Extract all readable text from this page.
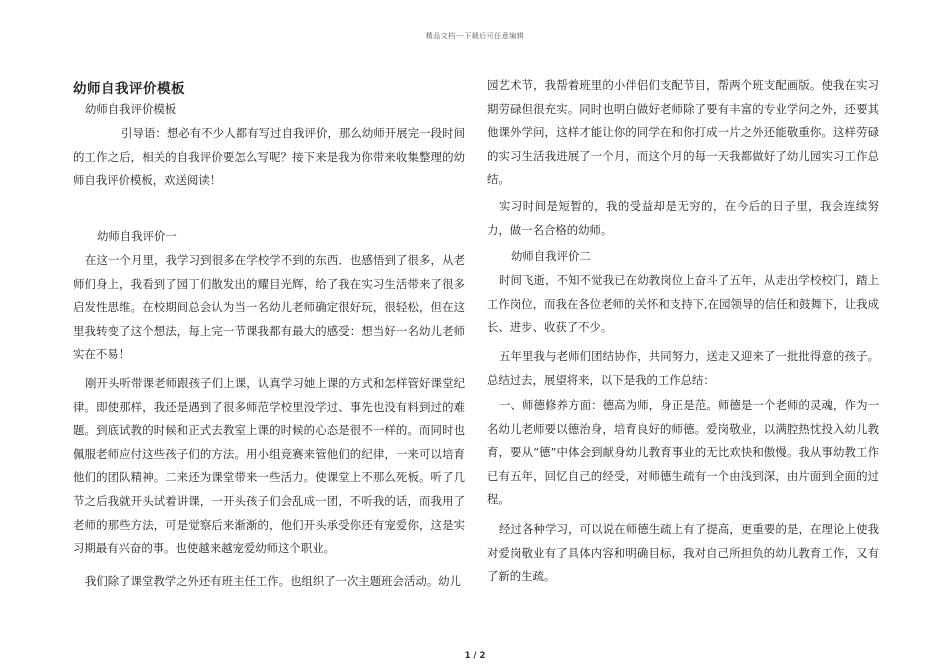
精品文档---下载后可任意编辑
幼师自我评价模板
幼师自我评价模板
引导语：想必有不少人都有写过自我评价，那么幼师开展完一段时间的工作之后，相关的自我评价要怎么写呢？接下来是我为你带来收集整理的幼师自我评价模板，欢送阅读！
幼师自我评价一
在这一个月里，我学习到很多在学校学不到的东西．也感悟到了很多，从老师们身上，我看到了园丁们散发出的耀目光辉，给了我在实习生活带来了很多启发性思维。在校期间总会认为当一名幼儿老师确定很好玩，很轻松，但在这里我转变了这个想法，每上完一节课我都有最大的感受：想当好一名幼儿老师实在不易！
刚开头听带课老师跟孩子们上课，认真学习她上课的方式和怎样管好课堂纪律。即使那样，我还是遇到了很多师范学校里没学过、事先也没有料到过的难题。到底试教的时候和正式去教室上课的时候的心态是很不一样的。而同时也佩服老师应付这些孩子们的方法。用小组竞赛来管他们的纪律，一来可以培育他们的团队精神。二来还为课堂带来一些活力。使课堂上不那么死板。听了几节之后我就开头试着讲课，一开头孩子们会乱成一团，不听我的话，而我用了老师的那些方法，可是觉察后来渐渐的，他们开头承受你还有宠爱你，这是实习期最有兴奋的事。也使越来越宠爱幼师这个职业。
我们除了课堂教学之外还有班主任工作。也组织了一次主题班会活动。幼儿
园艺术节，我帮着班里的小伴侣们支配节目，帮两个班支配画版。使我在实习期劳碌但很充实。同时也明白做好老师除了要有丰富的专业学问之外，还要其他课外学问，这样才能让你的同学在和你打成一片之外还能敬重你。这样劳碌的实习生活我进展了一个月，而这个月的每一天我都做好了幼儿园实习工作总结。
实习时间是短暂的，我的受益却是无穷的，在今后的日子里，我会连续努力，做一名合格的幼师。
幼师自我评价二
时间飞逝，不知不觉我已在幼教岗位上奋斗了五年，从走出学校校门，踏上工作岗位，而我在各位老师的关怀和支持下,在园领导的信任和鼓舞下，让我成长、进步、收获了不少。
五年里我与老师们团结协作，共同努力，送走又迎来了一批批得意的孩子。总结过去，展望将来，以下是我的工作总结：
一、师德修养方面：德高为师，身正是范。师德是一个老师的灵魂，作为一名幼儿老师要以德治身，培育良好的师德。爱岗敬业，以满腔热忱投入幼儿教育，要从“德”中体会到献身幼儿教育事业的无比欢快和傲慢。我从事幼教工作已有五年，回忆自己的经受，对师德生疏有一个由浅到深，由片面到全面的过程。
经过各种学习，可以说在师德生疏上有了提高，更重要的是，在理论上使我对爱岗敬业有了具体内容和明确目标，我对自己所担负的幼儿教育工作，又有了新的生疏。
1 / 2
